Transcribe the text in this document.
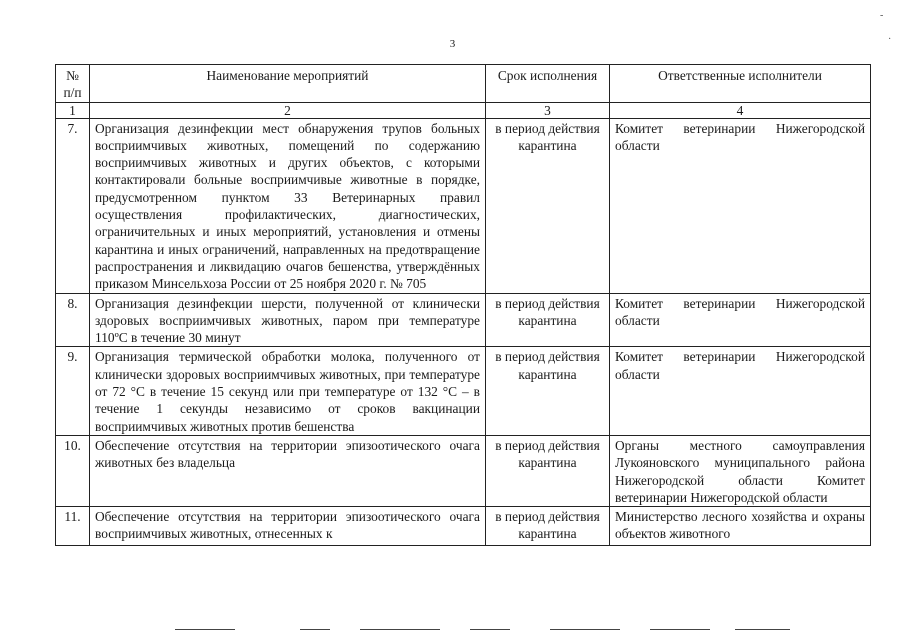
3
-
·
№ п/п	Наименование мероприятий	Срок исполнения	Ответственные исполнители
1	2	3	4
7.	Организация дезинфекции мест обнаружения трупов больных восприимчивых животных, помещений по содержанию восприимчивых животных и других объектов, с которыми контактировали больные восприимчивые животные в порядке, предусмотренном пунктом 33 Ветеринарных правил осуществления профилактических, диагностических, ограничительных и иных мероприятий, установления и отмены карантина и иных ограничений, направленных на предотвращение распространения и ликвидацию очагов бешенства, утверждённых приказом Минсельхоза России от 25 ноября 2020 г. № 705	в период действия карантина	Комитет ветеринарии Нижегородской области
8.	Организация дезинфекции шерсти, полученной от клинически здоровых восприимчивых животных, паром при температуре 110ºС в течение 30 минут	в период действия карантина	Комитет ветеринарии Нижегородской области
9.	Организация термической обработки молока, полученного от клинически здоровых восприимчивых животных, при температуре от 72 °С в течение 15 секунд или при температуре от 132 °С – в течение 1 секунды независимо от сроков вакцинации восприимчивых животных против бешенства	в период действия карантина	Комитет ветеринарии Нижегородской области
10.	Обеспечение отсутствия на территории эпизоотического очага животных без владельца	в период действия карантина	Органы местного самоуправления Лукояновского муниципального района Нижегородской области Комитет ветеринарии Нижегородской области
11.	Обеспечение отсутствия на территории эпизоотического очага восприимчивых животных, отнесенных к	в период действия карантина	Министерство лесного хозяйства и охраны объектов животного
